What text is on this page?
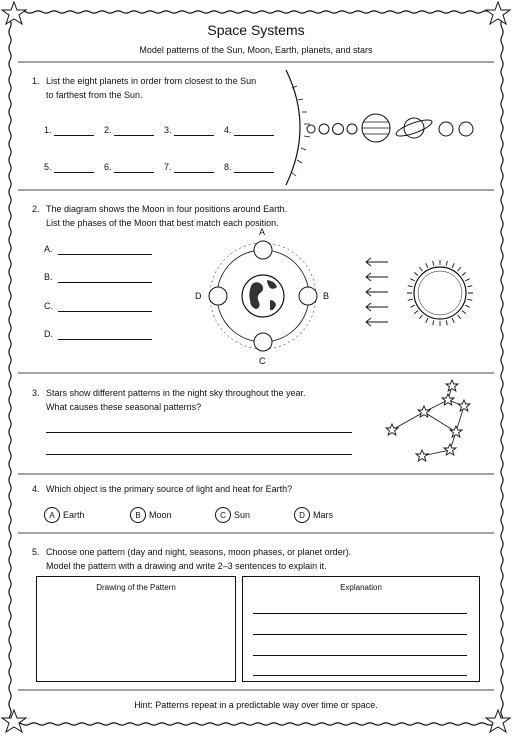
Space Systems
Model patterns of the Sun, Moon, Earth, planets, and stars
1. List the eight planets in order from closest to the Sun
to farthest from the Sun.
1.	2.	3.	4.
5.	6.	7.	8.
2. The diagram shows the Moon in four positions around Earth.
List the phases of the Moon that best match each position.
A.
B.
C.
D.
A
B
C
D
3. Stars show different patterns in the night sky throughout the year.
What causes these seasonal patterns?
4. Which object is the primary source of light and heat for Earth?
A Earth	B Moon	C Sun	D Mars
5. Choose one pattern (day and night, seasons, moon phases, or planet order).
Model the pattern with a drawing and write 2–3 sentences to explain it.
Drawing of the Pattern	Explanation
Hint: Patterns repeat in a predictable way over time or space.
